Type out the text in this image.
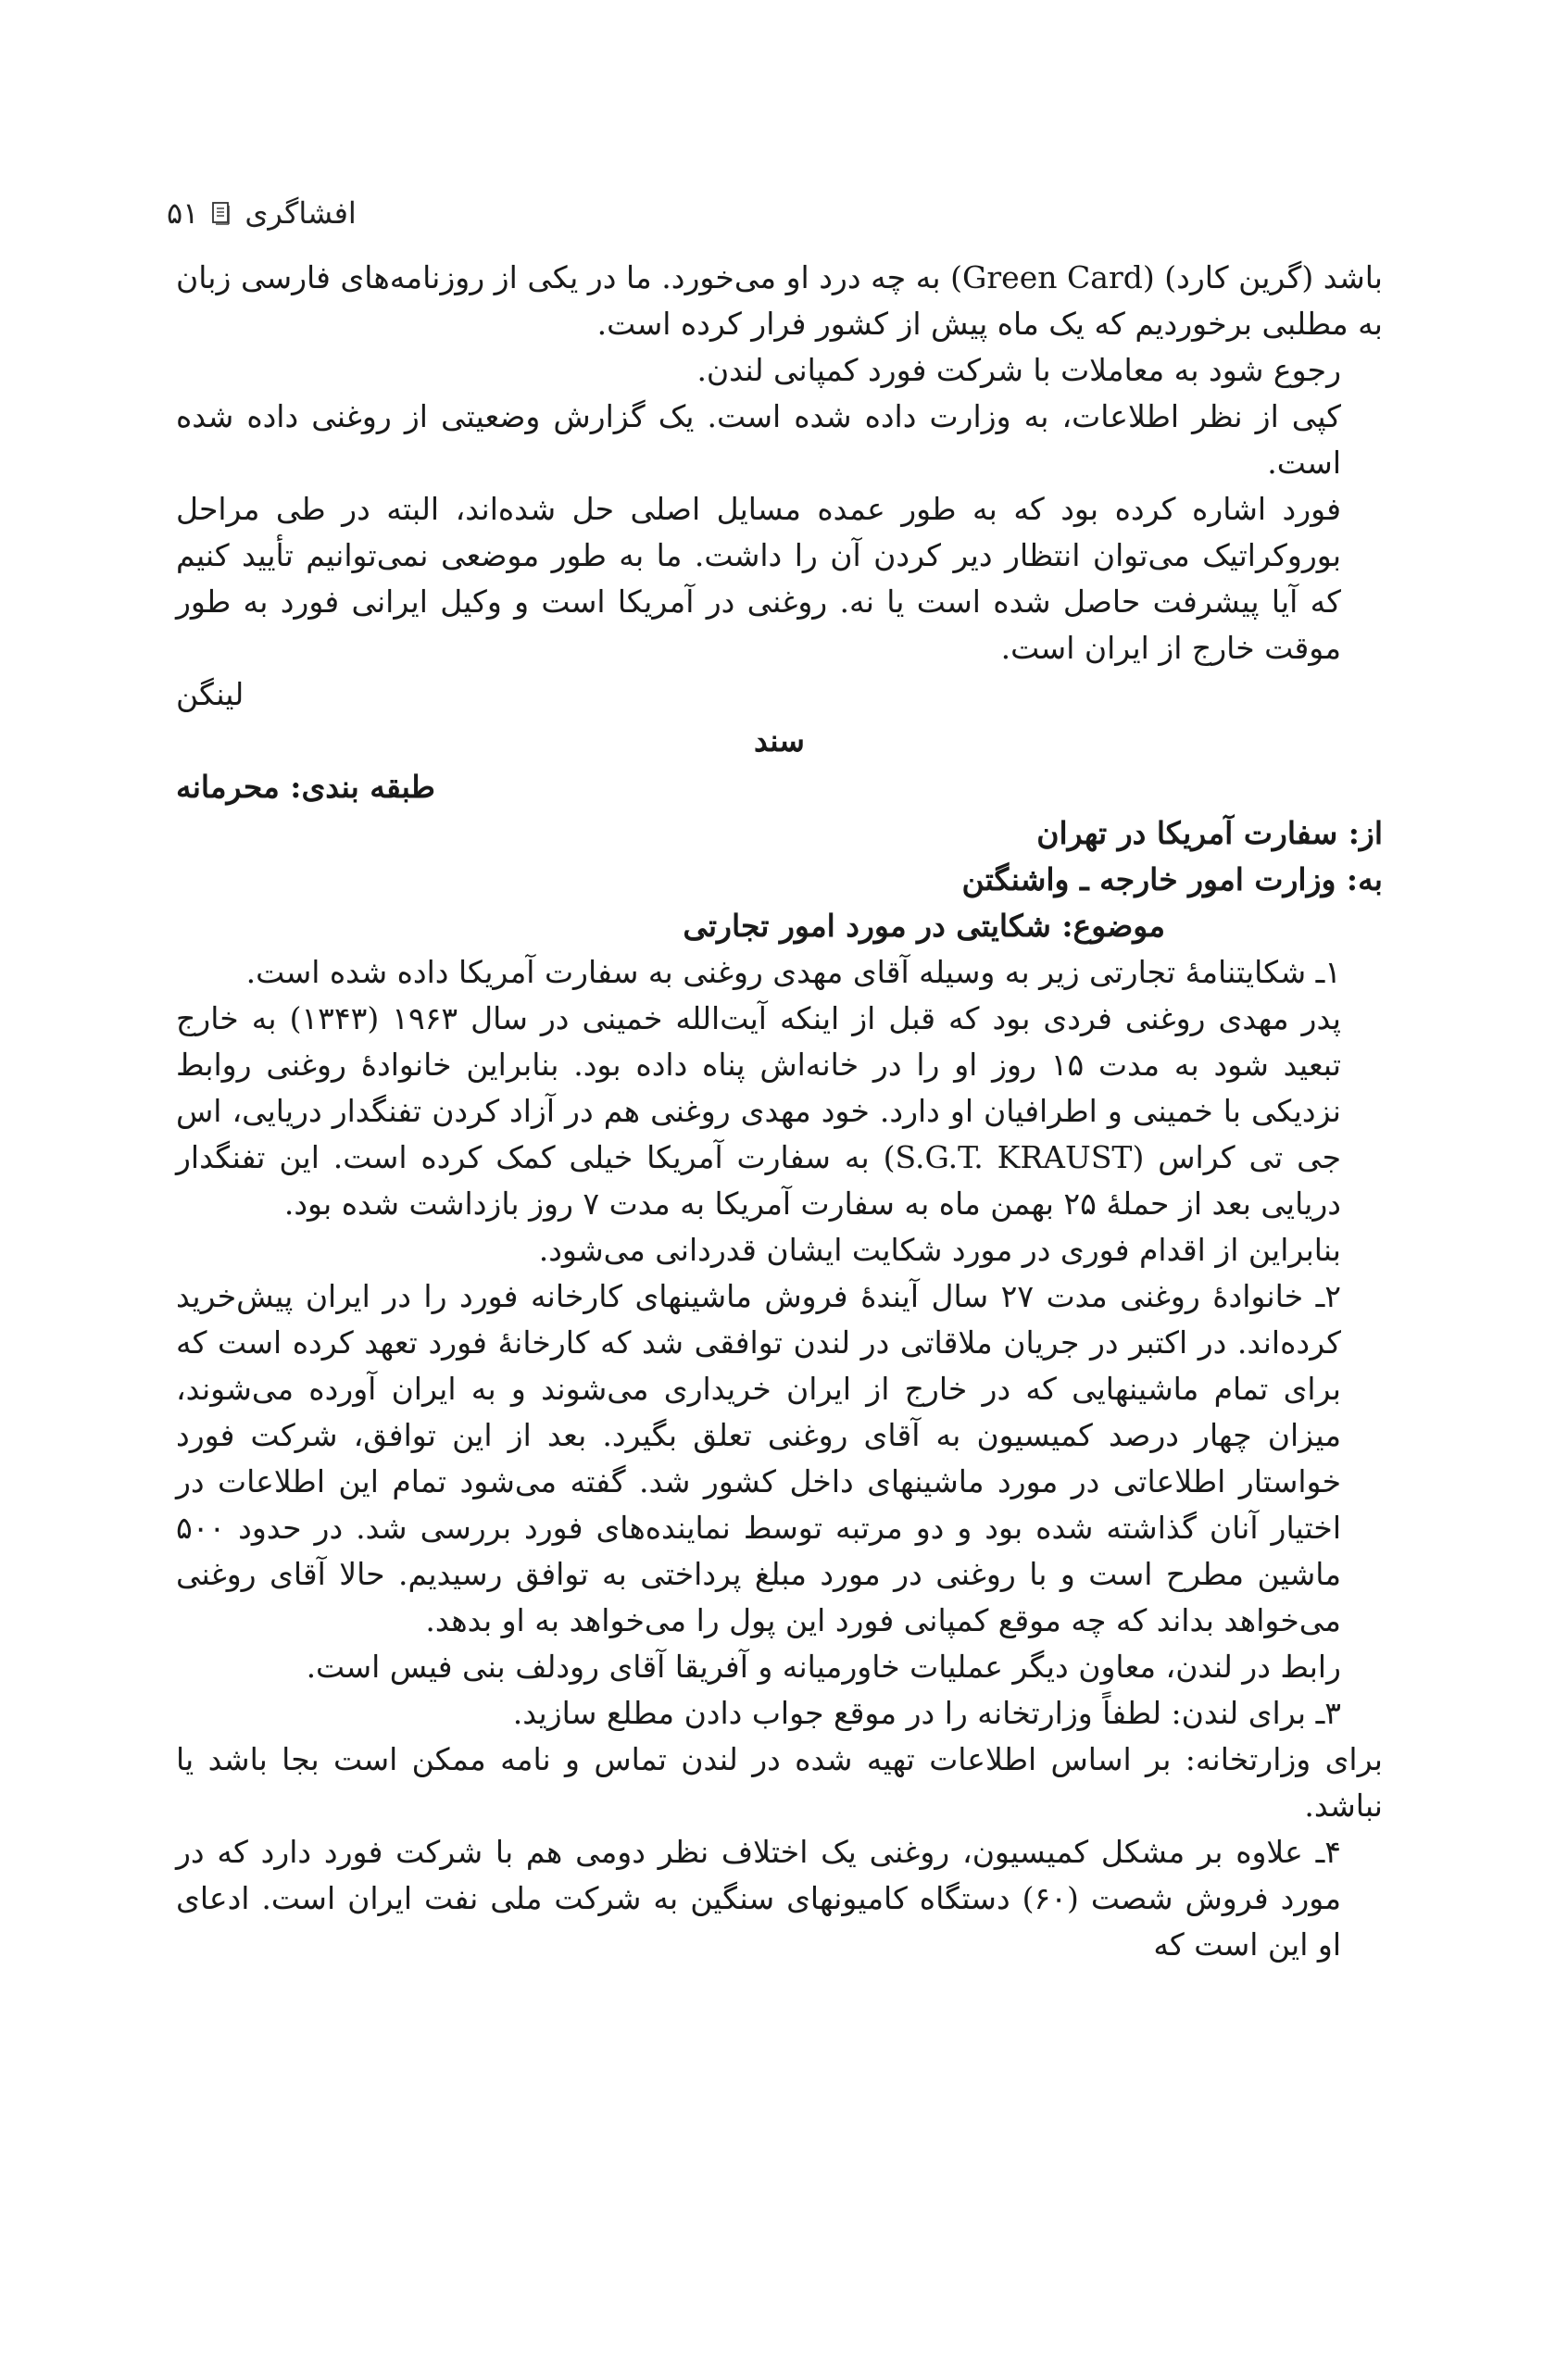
۵۱ افشاگری

باشد (گرین کارد) (Green Card) به چه درد او می‌خورد. ما در یکی از روزنامه‌های فارسی زبان به مطلبی برخوردیم که یک ماه پیش از کشور فرار کرده است.

رجوع شود به معاملات با شرکت فورد کمپانی لندن.

کپی از نظر اطلاعات، به وزارت داده شده است. یک گزارش وضعیتی از روغنی داده شده است.

فورد اشاره کرده بود که به طور عمده مسایل اصلی حل شده‌اند، البته در طی مراحل بوروکراتیک می‌توان انتظار دیر کردن آن را داشت. ما به طور موضعی نمی‌توانیم تأیید کنیم که آیا پیشرفت حاصل شده است یا نه. روغنی در آمریکا است و وکیل ایرانی فورد به طور موقت خارج از ایران است.

لینگن

سند

طبقه بندی: محرمانه

از: سفارت آمریکا در تهران

به: وزارت امور خارجه ـ واشنگتن

موضوع: شکایتی در مورد امور تجارتی

۱ـ شکایتنامهٔ تجارتی زیر به وسیله آقای مهدی روغنی به سفارت آمریکا داده شده است.

پدر مهدی روغنی فردی بود که قبل از اینکه آیت‌الله خمینی در سال ۱۹۶۳ (۱۳۴۳) به خارج تبعید شود به مدت ۱۵ روز او را در خانه‌اش پناه داده بود. بنابراین خانوادهٔ روغنی روابط نزدیکی با خمینی و اطرافیان او دارد. خود مهدی روغنی هم در آزاد کردن تفنگدار دریایی، اس جی تی کراس (S.G.T. KRAUST) به سفارت آمریکا خیلی کمک کرده است. این تفنگدار دریایی بعد از حملهٔ ۲۵ بهمن ماه به سفارت آمریکا به مدت ۷ روز بازداشت شده بود.

بنابراین از اقدام فوری در مورد شکایت ایشان قدردانی می‌شود.

۲ـ خانوادهٔ روغنی مدت ۲۷ سال آیندهٔ فروش ماشینهای کارخانه فورد را در ایران پیش‌خرید کرده‌اند. در اکتبر در جریان ملاقاتی در لندن توافقی شد که کارخانهٔ فورد تعهد کرده است که برای تمام ماشینهایی که در خارج از ایران خریداری می‌شوند و به ایران آورده می‌شوند، میزان چهار درصد کمیسیون به آقای روغنی تعلق بگیرد. بعد از این توافق، شرکت فورد خواستار اطلاعاتی در مورد ماشینهای داخل کشور شد. گفته می‌شود تمام این اطلاعات در اختیار آنان گذاشته شده بود و دو مرتبه توسط نماینده‌های فورد بررسی شد. در حدود ۵۰۰ ماشین مطرح است و با روغنی در مورد مبلغ پرداختی به توافق رسیدیم. حالا آقای روغنی می‌خواهد بداند که چه موقع کمپانی فورد این پول را می‌خواهد به او بدهد.

رابط در لندن، معاون دیگر عملیات خاورمیانه و آفریقا آقای رودلف بنی فیس است.

۳ـ برای لندن: لطفاً وزارتخانه را در موقع جواب دادن مطلع سازید.

برای وزارتخانه: بر اساس اطلاعات تهیه شده در لندن تماس و نامه ممکن است بجا باشد یا نباشد.

۴ـ علاوه بر مشکل کمیسیون، روغنی یک اختلاف نظر دومی هم با شرکت فورد دارد که در مورد فروش شصت (۶۰) دستگاه کامیونهای سنگین به شرکت ملی نفت ایران است. ادعای او این است که
